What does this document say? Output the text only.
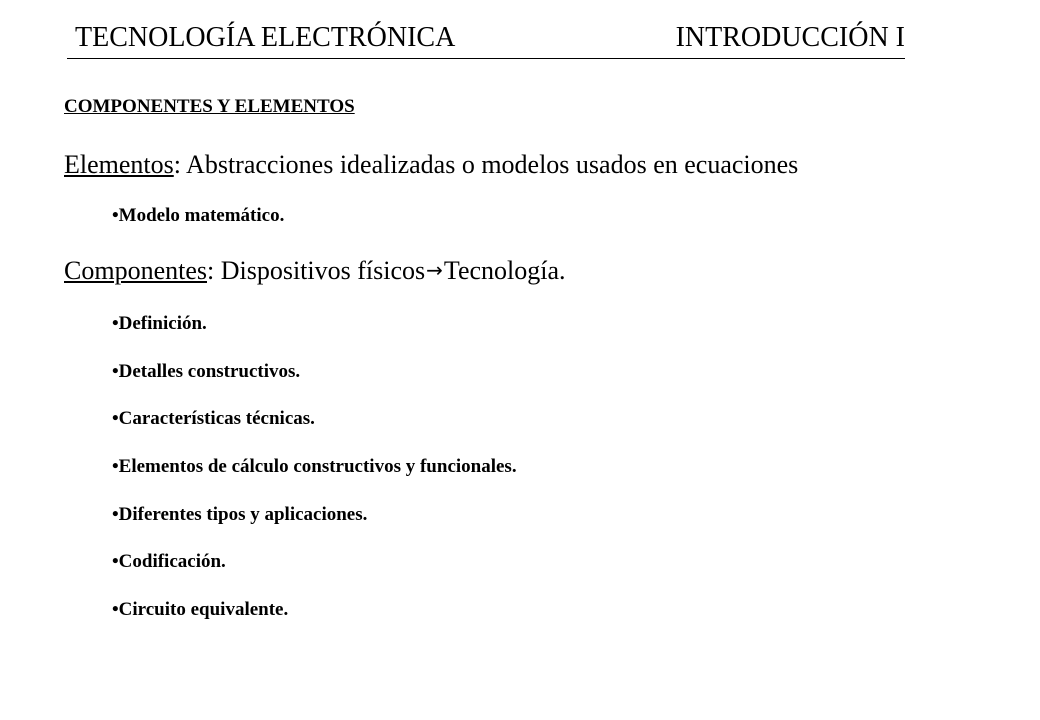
TECNOLOGÍA ELECTRÓNICA	INTRODUCCIÓN I
COMPONENTES Y ELEMENTOS
Elementos: Abstracciones idealizadas o modelos usados en ecuaciones
•Modelo matemático.
Componentes: Dispositivos físicos→Tecnología.
•Definición.
•Detalles constructivos.
•Características técnicas.
•Elementos de cálculo constructivos y funcionales.
•Diferentes tipos y aplicaciones.
•Codificación.
•Circuito equivalente.
